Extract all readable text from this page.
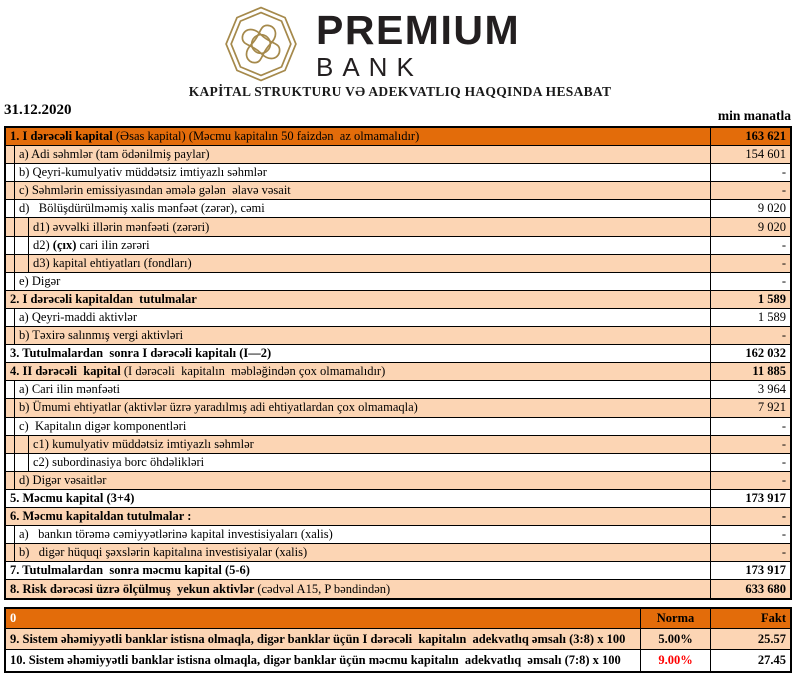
PREMIUM
BANK
KAPİTAL STRUKTURU VƏ ADEKVATLIQ HAQQINDA HESABAT
31.12.2020	min manatla
1. I dərəcəli kapital (Əsas kapital) (Məcmu kapitalın 50 faizdən  az olmamalıdır)	163 621
a) Adi səhmlər (tam ödənilmiş paylar)	154 601
b) Qeyri-kumulyativ müddətsiz imtiyazlı səhmlər	-
c) Səhmlərin emissiyasından əmələ gələn  əlavə vəsait	-
d)   Bölüşdürülməmiş xalis mənfəət (zərər), cəmi	9 020
d1) əvvəlki illərin mənfəəti (zərəri)	9 020
d2) (çıx) cari ilin zərəri	-
d3) kapital ehtiyatları (fondları)	-
e) Digər	-
2. I dərəcəli kapitaldan  tutulmalar	1 589
a) Qeyri-maddi aktivlər	1 589
b) Təxirə salınmış vergi aktivləri	-
3. Tutulmalardan  sonra I dərəcəli kapitalı (I—2)	162 032
4. II dərəcəli  kapital (I dərəcəli  kapitalın  məbləğindən çox olmamalıdır)	11 885
a) Cari ilin mənfəəti	3 964
b) Ümumi ehtiyatlar (aktivlər üzrə yaradılmış adi ehtiyatlardan çox olmamaqla)	7 921
c)  Kapitalın digər komponentləri	-
c1) kumulyativ müddətsiz imtiyazlı səhmlər	-
c2) subordinasiya borc öhdəlikləri	-
d) Digər vəsaitlər	-
5. Məcmu kapital (3+4)	173 917
6. Məcmu kapitaldan tutulmalar :	-
a)   bankın törəmə cəmiyyətlərinə kapital investisiyaları (xalis)	-
b)   digər hüquqi şəxslərin kapitalına investisiyalar (xalis)	-
7. Tutulmalardan  sonra məcmu kapital (5-6)	173 917
8. Risk dərəcəsi üzrə ölçülmuş  yekun aktivlər (cədvəl A15, P bəndindən)	633 680
0	Norma	Fakt
9. Sistem əhəmiyyətli banklar istisna olmaqla, digər banklar üçün I dərəcəli  kapitalın  adekvatlıq əmsalı (3:8) x 100	5.00%	25.57
10. Sistem əhəmiyyətli banklar istisna olmaqla, digər banklar üçün məcmu kapitalın  adekvatlıq  əmsalı (7:8) x 100	9.00%	27.45
